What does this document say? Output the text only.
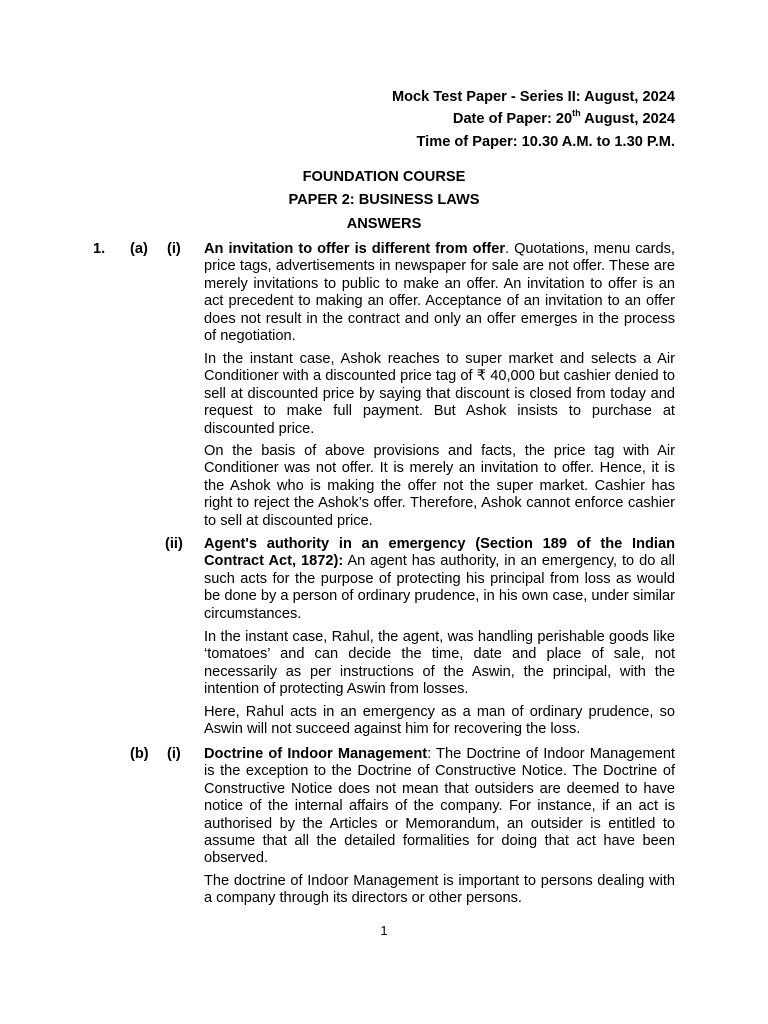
Mock Test Paper - Series II: August, 2024
Date of Paper: 20th August, 2024
Time of Paper: 10.30 A.M. to 1.30 P.M.
FOUNDATION COURSE
PAPER 2: BUSINESS LAWS
ANSWERS
1. (a) (i)
(ii)
(b) (i)
An invitation to offer is different from offer. Quotations, menu cards, price tags, advertisements in newspaper for sale are not offer. These are merely invitations to public to make an offer. An invitation to offer is an act precedent to making an offer. Acceptance of an invitation to an offer does not result in the contract and only an offer emerges in the process of negotiation.
In the instant case, Ashok reaches to super market and selects a Air Conditioner with a discounted price tag of ₹ 40,000 but cashier denied to sell at discounted price by saying that discount is closed from today and request to make full payment. But Ashok insists to purchase at discounted price.
On the basis of above provisions and facts, the price tag with Air Conditioner was not offer. It is merely an invitation to offer. Hence, it is the Ashok who is making the offer not the super market. Cashier has right to reject the Ashok’s offer. Therefore, Ashok cannot enforce cashier to sell at discounted price.
Agent's authority in an emergency (Section 189 of the Indian Contract Act, 1872): An agent has authority, in an emergency, to do all such acts for the purpose of protecting his principal from loss as would be done by a person of ordinary prudence, in his own case, under similar circumstances.
In the instant case, Rahul, the agent, was handling perishable goods like ‘tomatoes’ and can decide the time, date and place of sale, not necessarily as per instructions of the Aswin, the principal, with the intention of protecting Aswin from losses.
Here, Rahul acts in an emergency as a man of ordinary prudence, so Aswin will not succeed against him for recovering the loss.
Doctrine of Indoor Management: The Doctrine of Indoor Management is the exception to the Doctrine of Constructive Notice. The Doctrine of Constructive Notice does not mean that outsiders are deemed to have notice of the internal affairs of the company. For instance, if an act is authorised by the Articles or Memorandum, an outsider is entitled to assume that all the detailed formalities for doing that act have been observed.
The doctrine of Indoor Management is important to persons dealing with a company through its directors or other persons.
1
